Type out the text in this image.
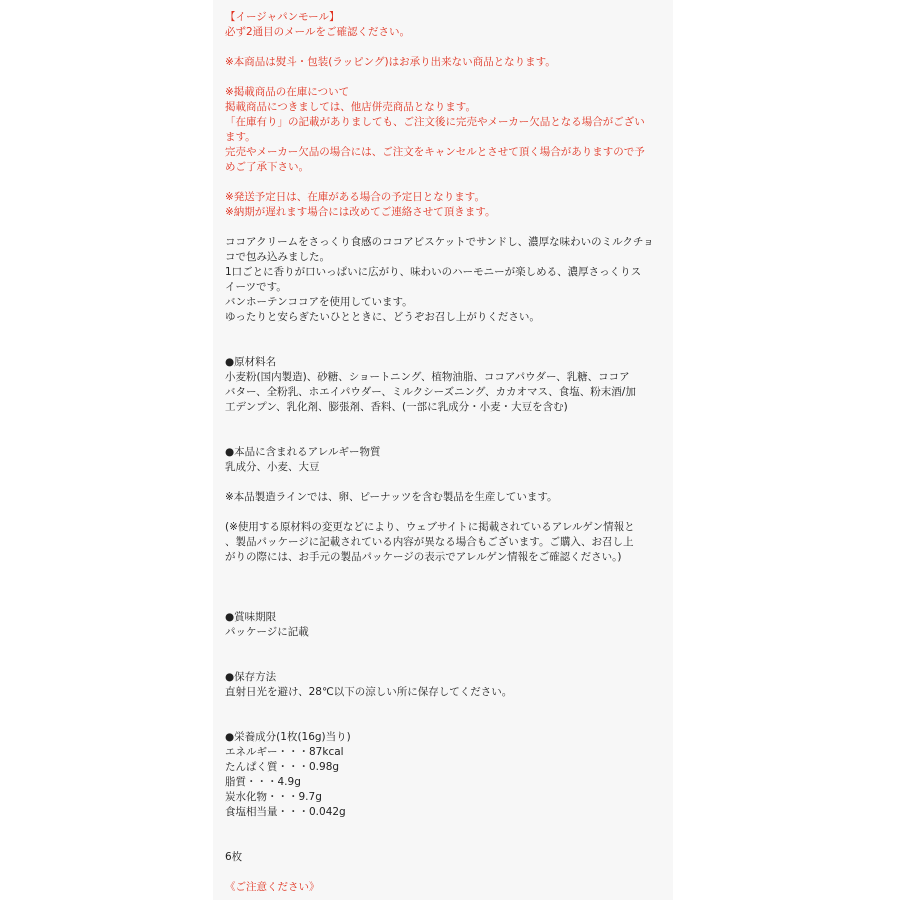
【イージャパンモール】
必ず2通目のメールをご確認ください。
※本商品は熨斗・包装(ラッピング)はお承り出来ない商品となります。
※掲載商品の在庫について
掲載商品につきましては、他店併売商品となります。
「在庫有り」の記載がありましても、ご注文後に完売やメーカー欠品となる場合がござい
ます。
完売やメーカー欠品の場合には、ご注文をキャンセルとさせて頂く場合がありますので予
めご了承下さい。
※発送予定日は、在庫がある場合の予定日となります。
※納期が遅れます場合には改めてご連絡させて頂きます。
ココアクリームをさっくり食感のココアビスケットでサンドし、濃厚な味わいのミルクチョ
コで包み込みました。
1口ごとに香りが口いっぱいに広がり、味わいのハーモニーが楽しめる、濃厚さっくりス
イーツです。
バンホーテンココアを使用しています。
ゆったりと安らぎたいひとときに、どうぞお召し上がりください。
●原材料名
小麦粉(国内製造)、砂糖、ショートニング、植物油脂、ココアパウダー、乳糖、ココア
バター、全粉乳、ホエイパウダー、ミルクシーズニング、カカオマス、食塩、粉末酒/加
工デンプン、乳化剤、膨張剤、香料、(一部に乳成分・小麦・大豆を含む)
●本品に含まれるアレルギー物質
乳成分、小麦、大豆
※本品製造ラインでは、卵、ピーナッツを含む製品を生産しています。
(※使用する原材料の変更などにより、ウェブサイトに掲載されているアレルゲン情報と
、製品パッケージに記載されている内容が異なる場合もございます。ご購入、お召し上
がりの際には、お手元の製品パッケージの表示でアレルゲン情報をご確認ください。)
●賞味期限
パッケージに記載
●保存方法
直射日光を避け、28℃以下の涼しい所に保存してください。
●栄養成分(1枚(16g)当り)
エネルギー・・・87kcal
たんぱく質・・・0.98g
脂質・・・4.9g
炭水化物・・・9.7g
食塩相当量・・・0.042g
6枚
《ご注意ください》
